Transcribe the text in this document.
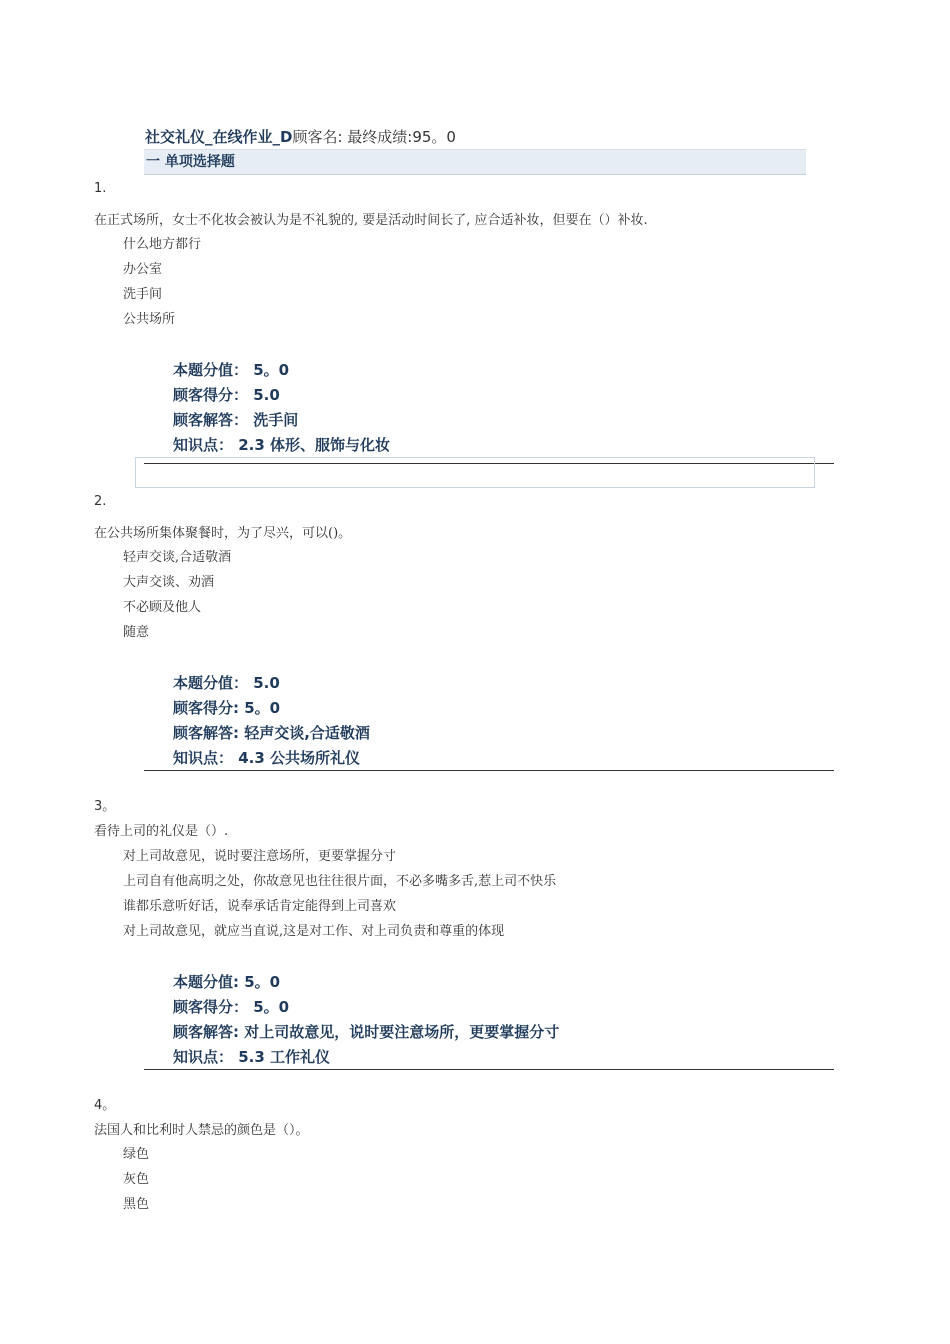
社交礼仪_在线作业_D顾客名: 最终成绩:95。0
一 单项选择题
1.
在正式场所，女士不化妆会被认为是不礼貌的, 要是活动时间长了, 应合适补妆，但要在（）补妆.
什么地方都行
办公室
洗手间
公共场所
本题分值： 5。0
顾客得分： 5.0
顾客解答： 洗手间
知识点： 2.3 体形、服饰与化妆
2.
在公共场所集体聚餐时，为了尽兴，可以()。
轻声交谈,合适敬酒
大声交谈、劝酒
不必顾及他人
随意
本题分值： 5.0
顾客得分: 5。0
顾客解答: 轻声交谈,合适敬酒
知识点： 4.3 公共场所礼仪
3。
看待上司的礼仪是（）.
对上司故意见，说时要注意场所，更要掌握分寸
上司自有他高明之处，你故意见也往往很片面，不必多嘴多舌,惹上司不快乐
谁都乐意听好话，说奉承话肯定能得到上司喜欢
对上司故意见，就应当直说,这是对工作、对上司负责和尊重的体现
本题分值: 5。0
顾客得分： 5。0
顾客解答: 对上司故意见，说时要注意场所，更要掌握分寸
知识点： 5.3 工作礼仪
4。
法国人和比利时人禁忌的颜色是（）。
绿色
灰色
黑色
